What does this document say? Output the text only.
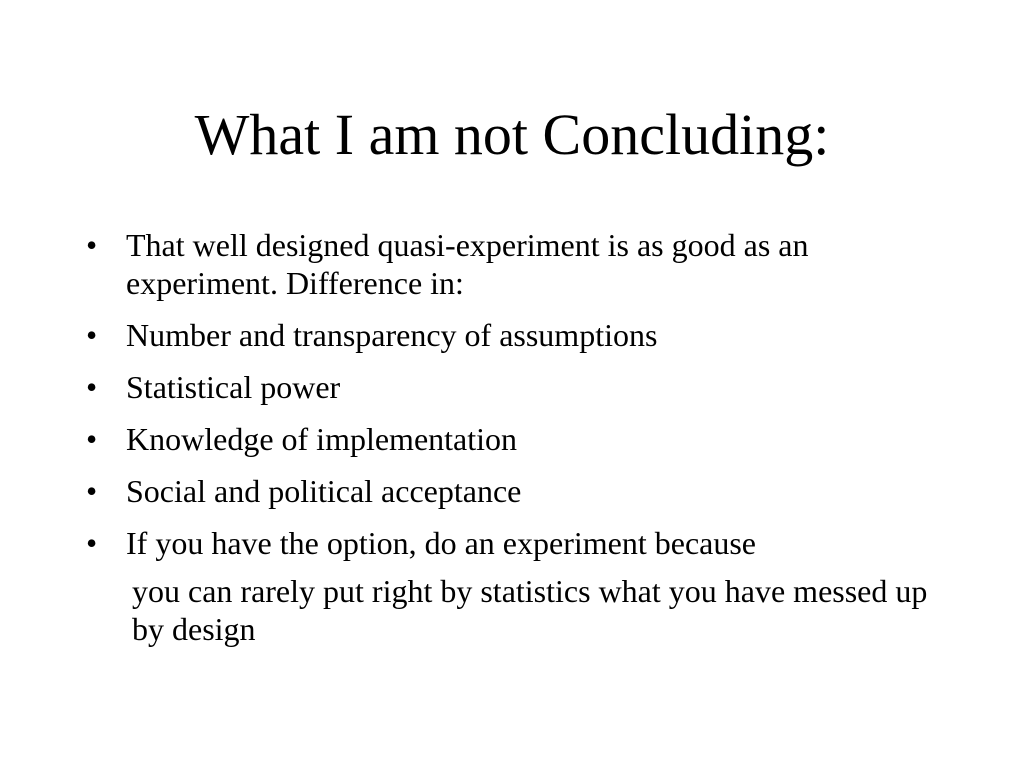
What I am not Concluding:
• That well designed quasi-experiment is as good as an experiment. Difference in:
• Number and transparency of assumptions
• Statistical power
• Knowledge of implementation
• Social and political acceptance
• If you have the option, do an experiment because
you can rarely put right by statistics what you have messed up by design
